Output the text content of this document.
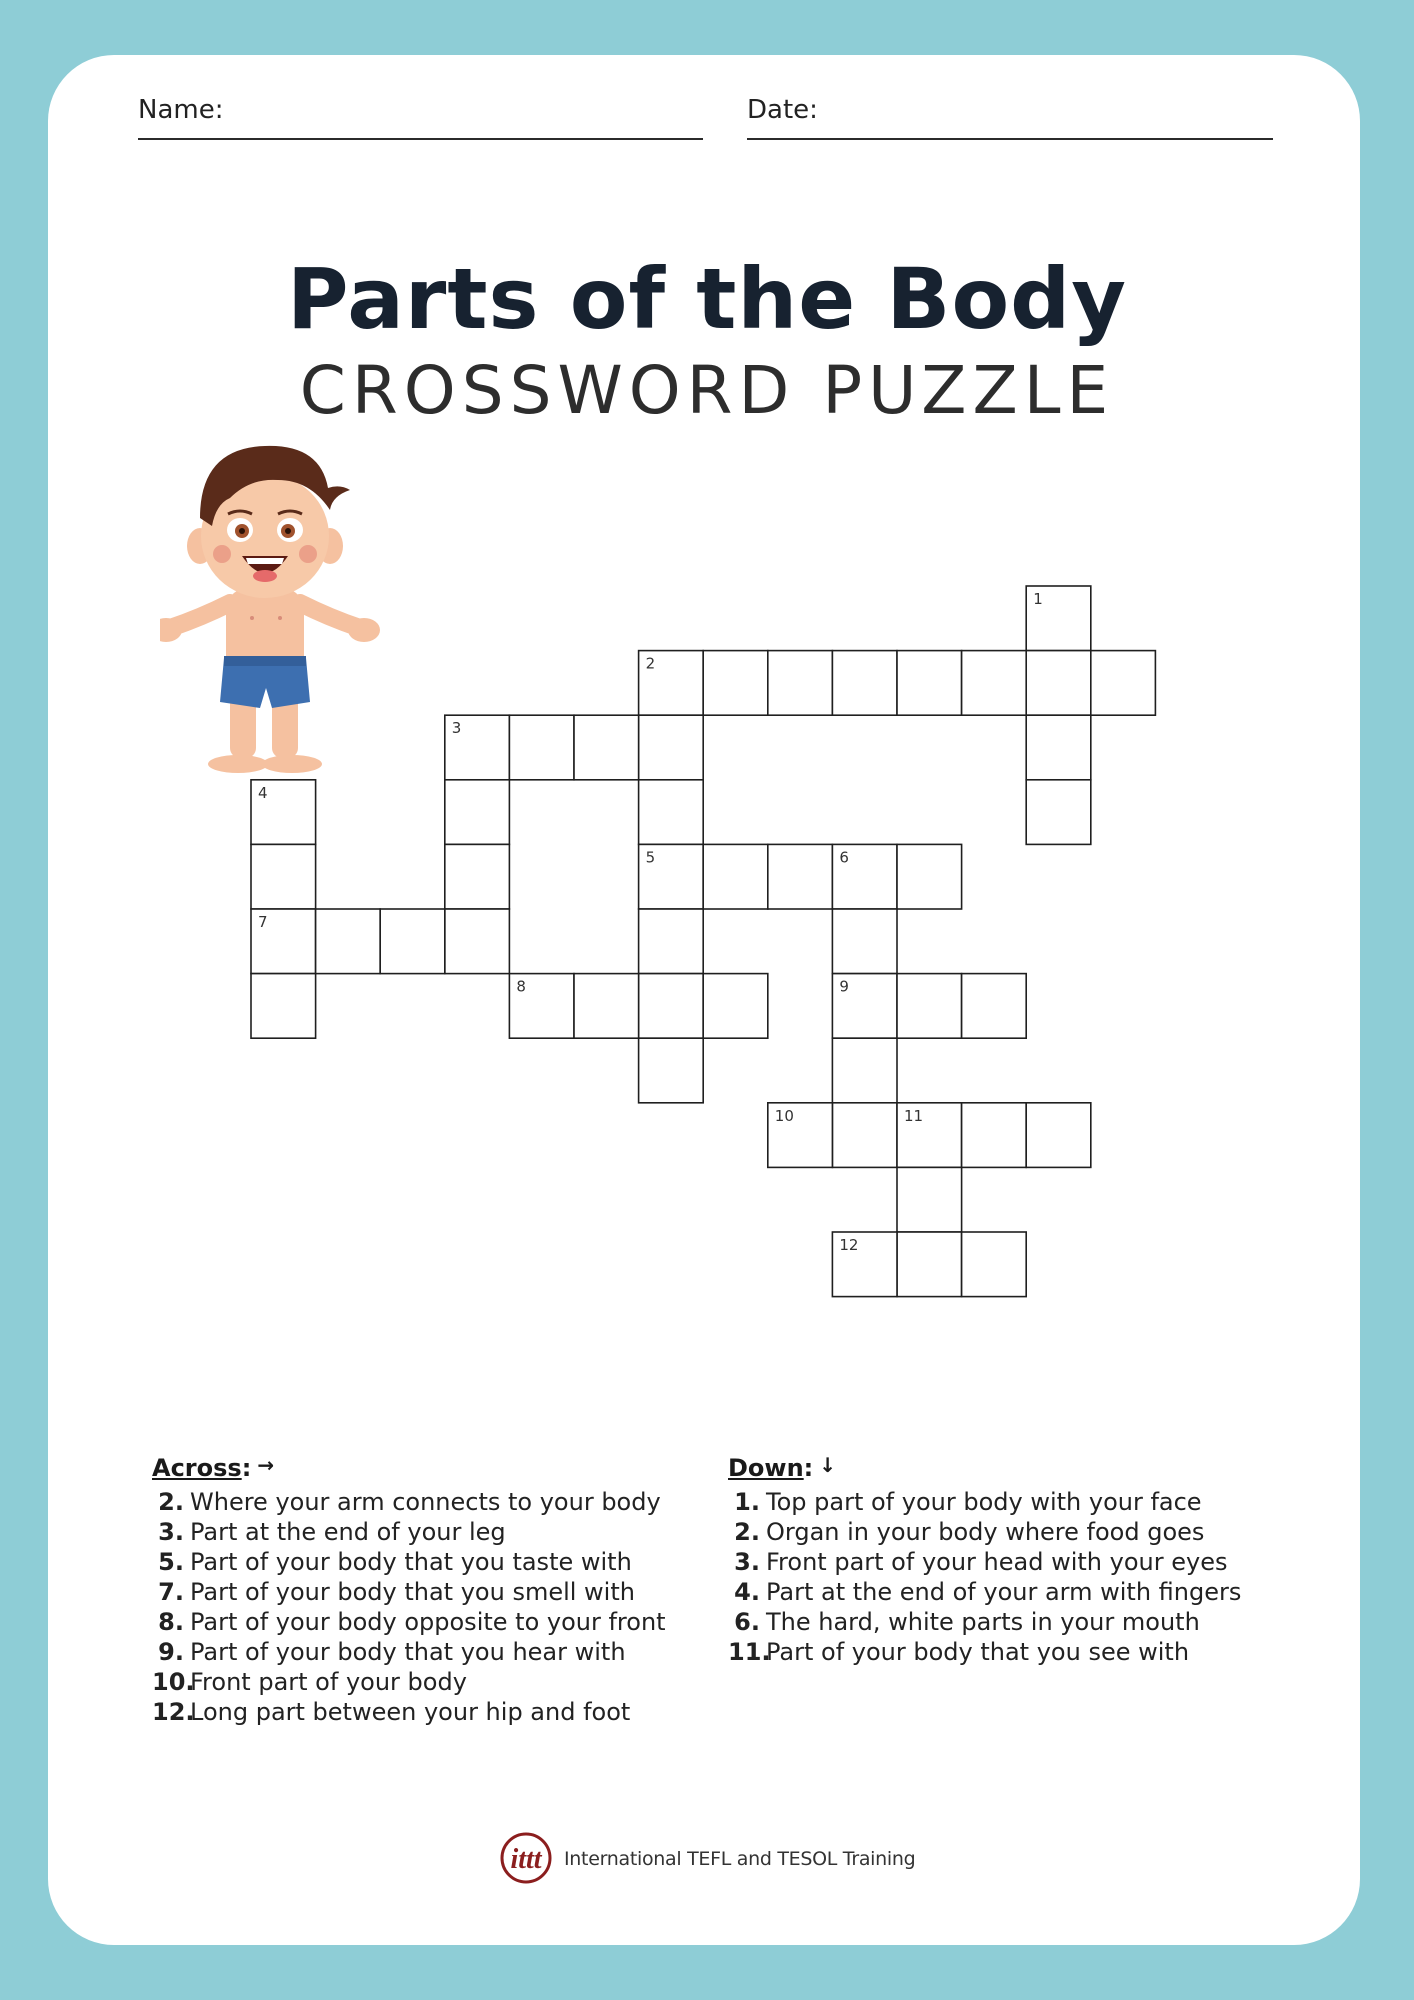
Name:	Date:
Parts of the Body
CROSSWORD PUZZLE
1
2
3
4
5	6
7
8	9
10	11
12
Across: →
2. Where your arm connects to your body
3. Part at the end of your leg
5. Part of your body that you taste with
7. Part of your body that you smell with
8. Part of your body opposite to your front
9. Part of your body that you hear with
10.Front part of your body
12.Long part between your hip and foot
Down: ↓
1. Top part of your body with your face
2. Organ in your body where food goes
3. Front part of your head with your eyes
4. Part at the end of your arm with fingers
6. The hard, white parts in your mouth
11.Part of your body that you see with
ittt International TEFL and TESOL Training
